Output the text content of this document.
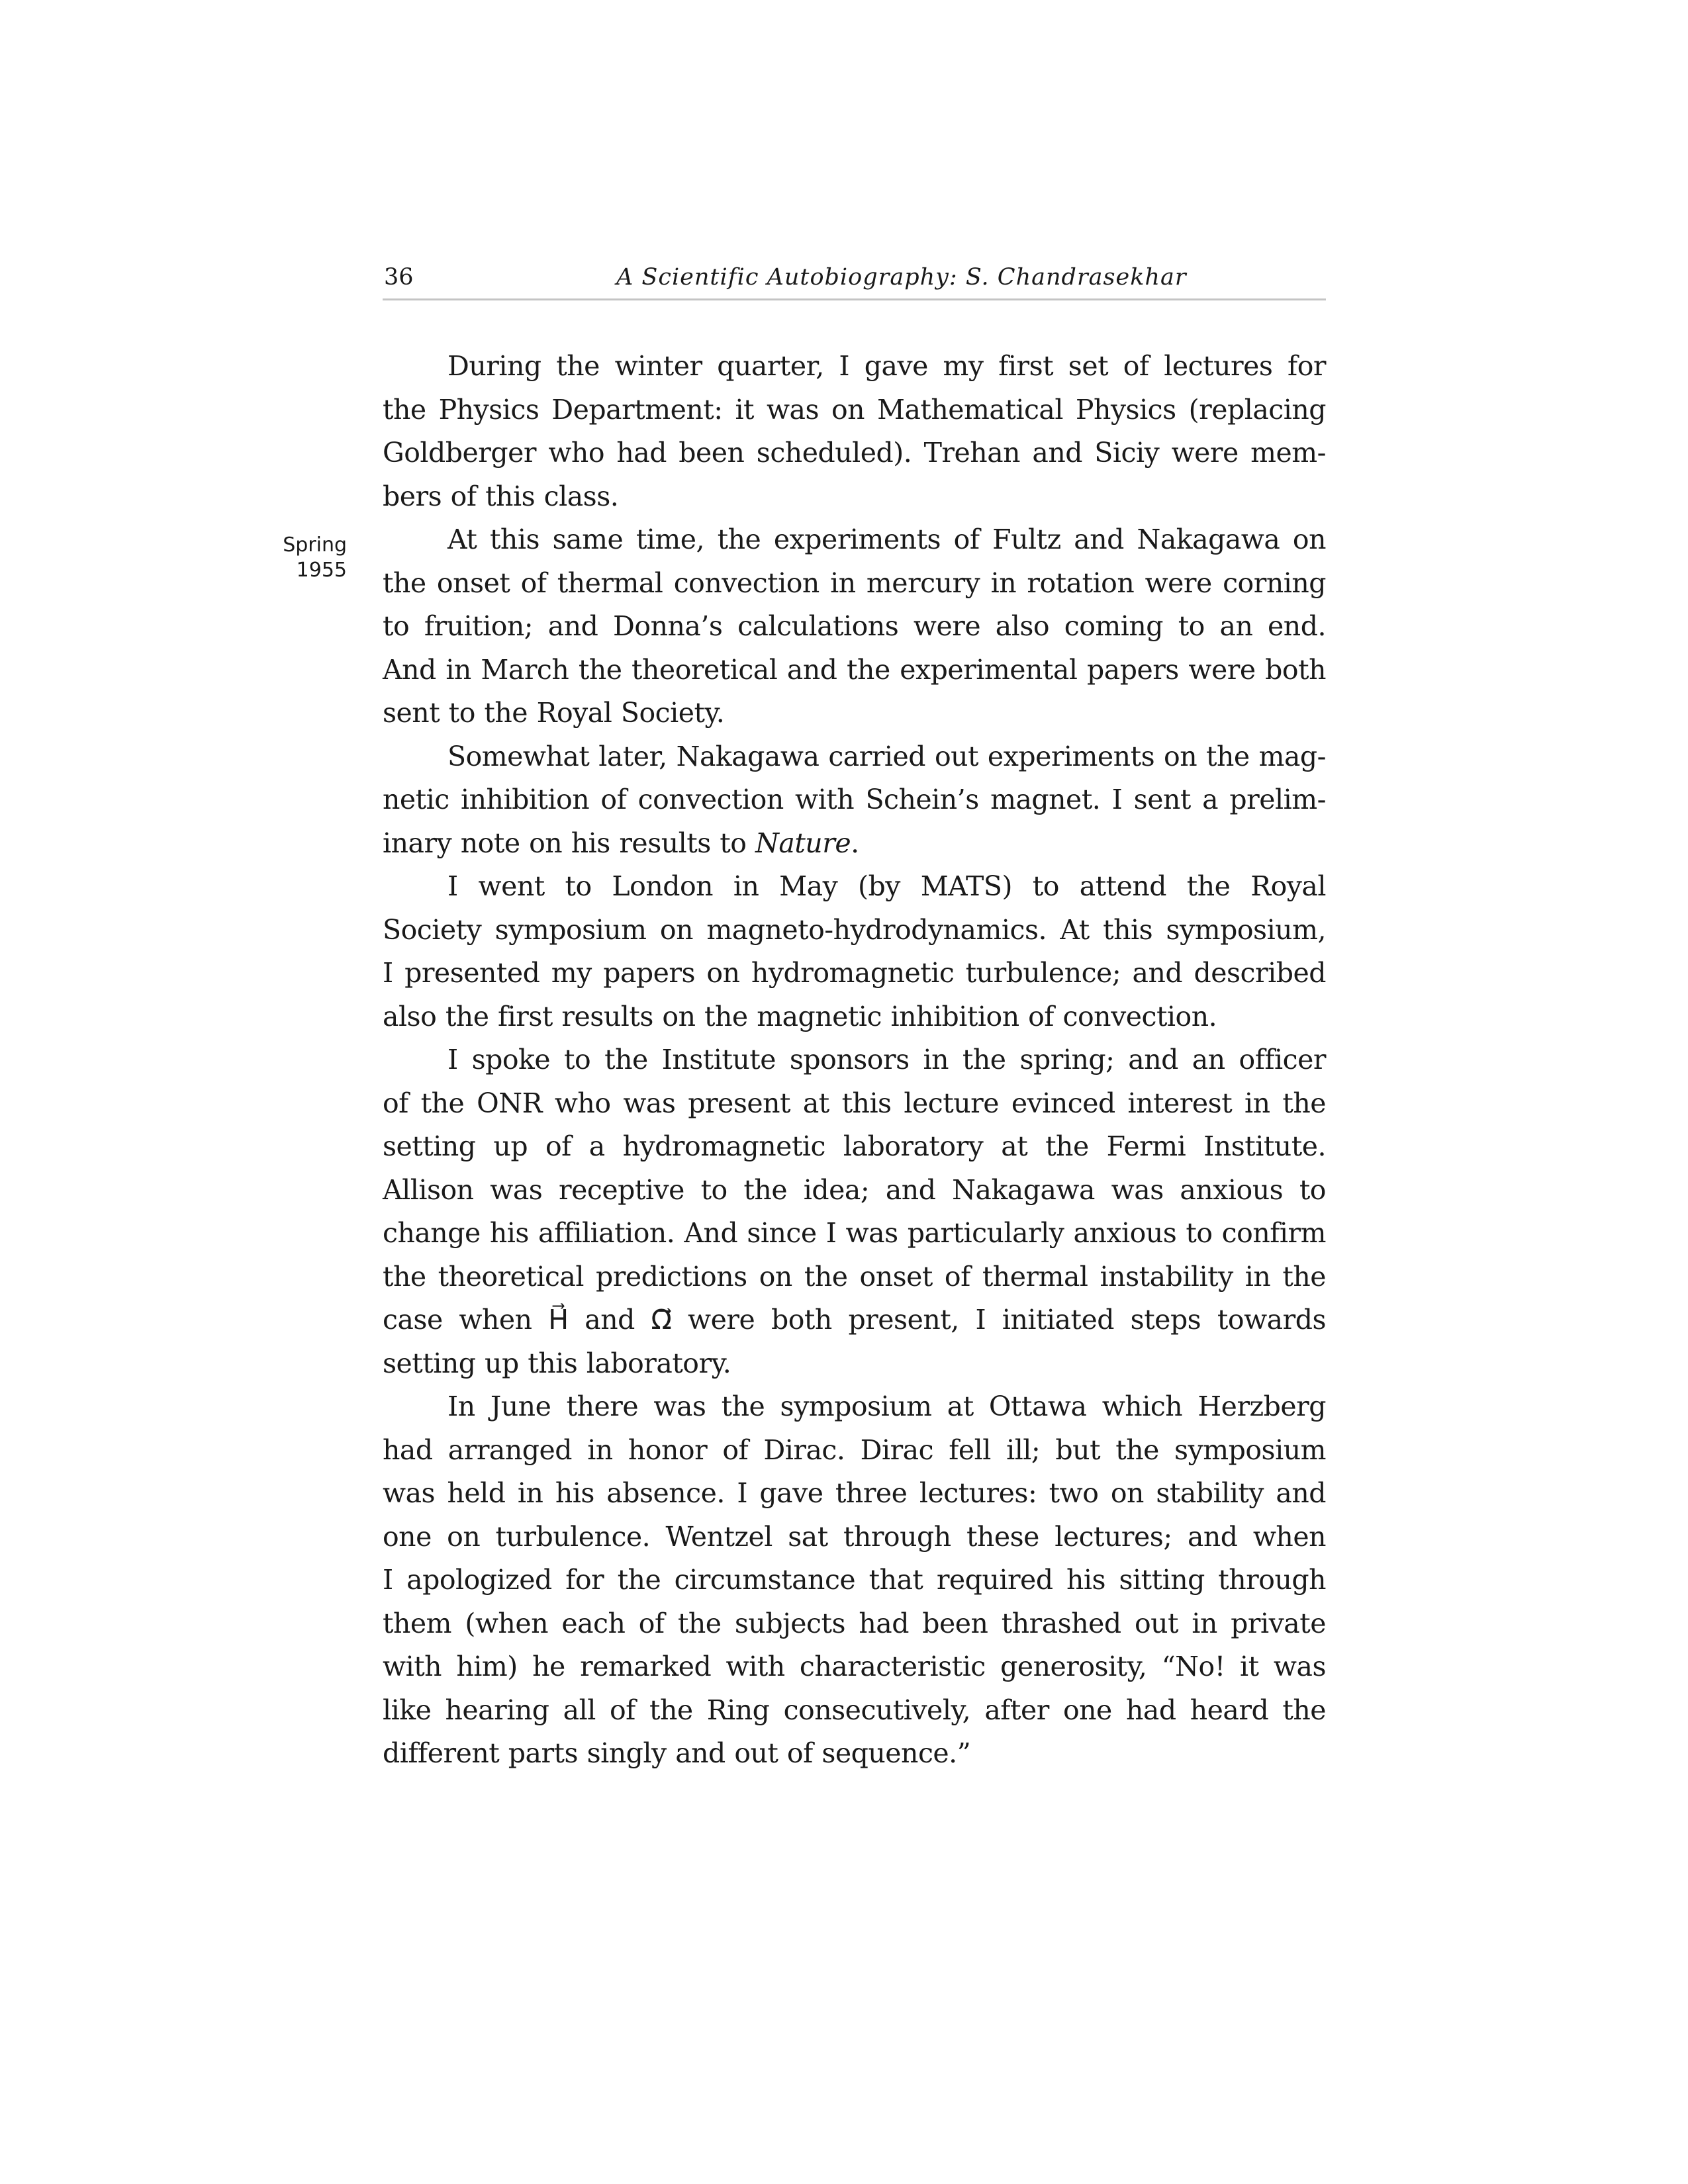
36	A Scientific Autobiography: S. Chandrasekhar
Spring
1955

During the winter quarter, I gave my first set of lectures for
the Physics Department: it was on Mathematical Physics (replacing
Goldberger who had been scheduled). Trehan and Siciy were mem-
bers of this class.

At this same time, the experiments of Fultz and Nakagawa on
the onset of thermal convection in mercury in rotation were corning
to fruition; and Donna’s calculations were also coming to an end.
And in March the theoretical and the experimental papers were both
sent to the Royal Society.

Somewhat later, Nakagawa carried out experiments on the mag-
netic inhibition of convection with Schein’s magnet. I sent a prelim-
inary note on his results to Nature.

I went to London in May (by MATS) to attend the Royal
Society symposium on magneto-hydrodynamics. At this symposium,
I presented my papers on hydromagnetic turbulence; and described
also the first results on the magnetic inhibition of convection.

I spoke to the Institute sponsors in the spring; and an officer
of the ONR who was present at this lecture evinced interest in the
setting up of a hydromagnetic laboratory at the Fermi Institute.
Allison was receptive to the idea; and Nakagawa was anxious to
change his affiliation. And since I was particularly anxious to confirm
the theoretical predictions on the onset of thermal instability in the
case when H⃗ and Ω⃗ were both present, I initiated steps towards
setting up this laboratory.

In June there was the symposium at Ottawa which Herzberg
had arranged in honor of Dirac. Dirac fell ill; but the symposium
was held in his absence. I gave three lectures: two on stability and
one on turbulence. Wentzel sat through these lectures; and when
I apologized for the circumstance that required his sitting through
them (when each of the subjects had been thrashed out in private
with him) he remarked with characteristic generosity, “No! it was
like hearing all of the Ring consecutively, after one had heard the
different parts singly and out of sequence.”
